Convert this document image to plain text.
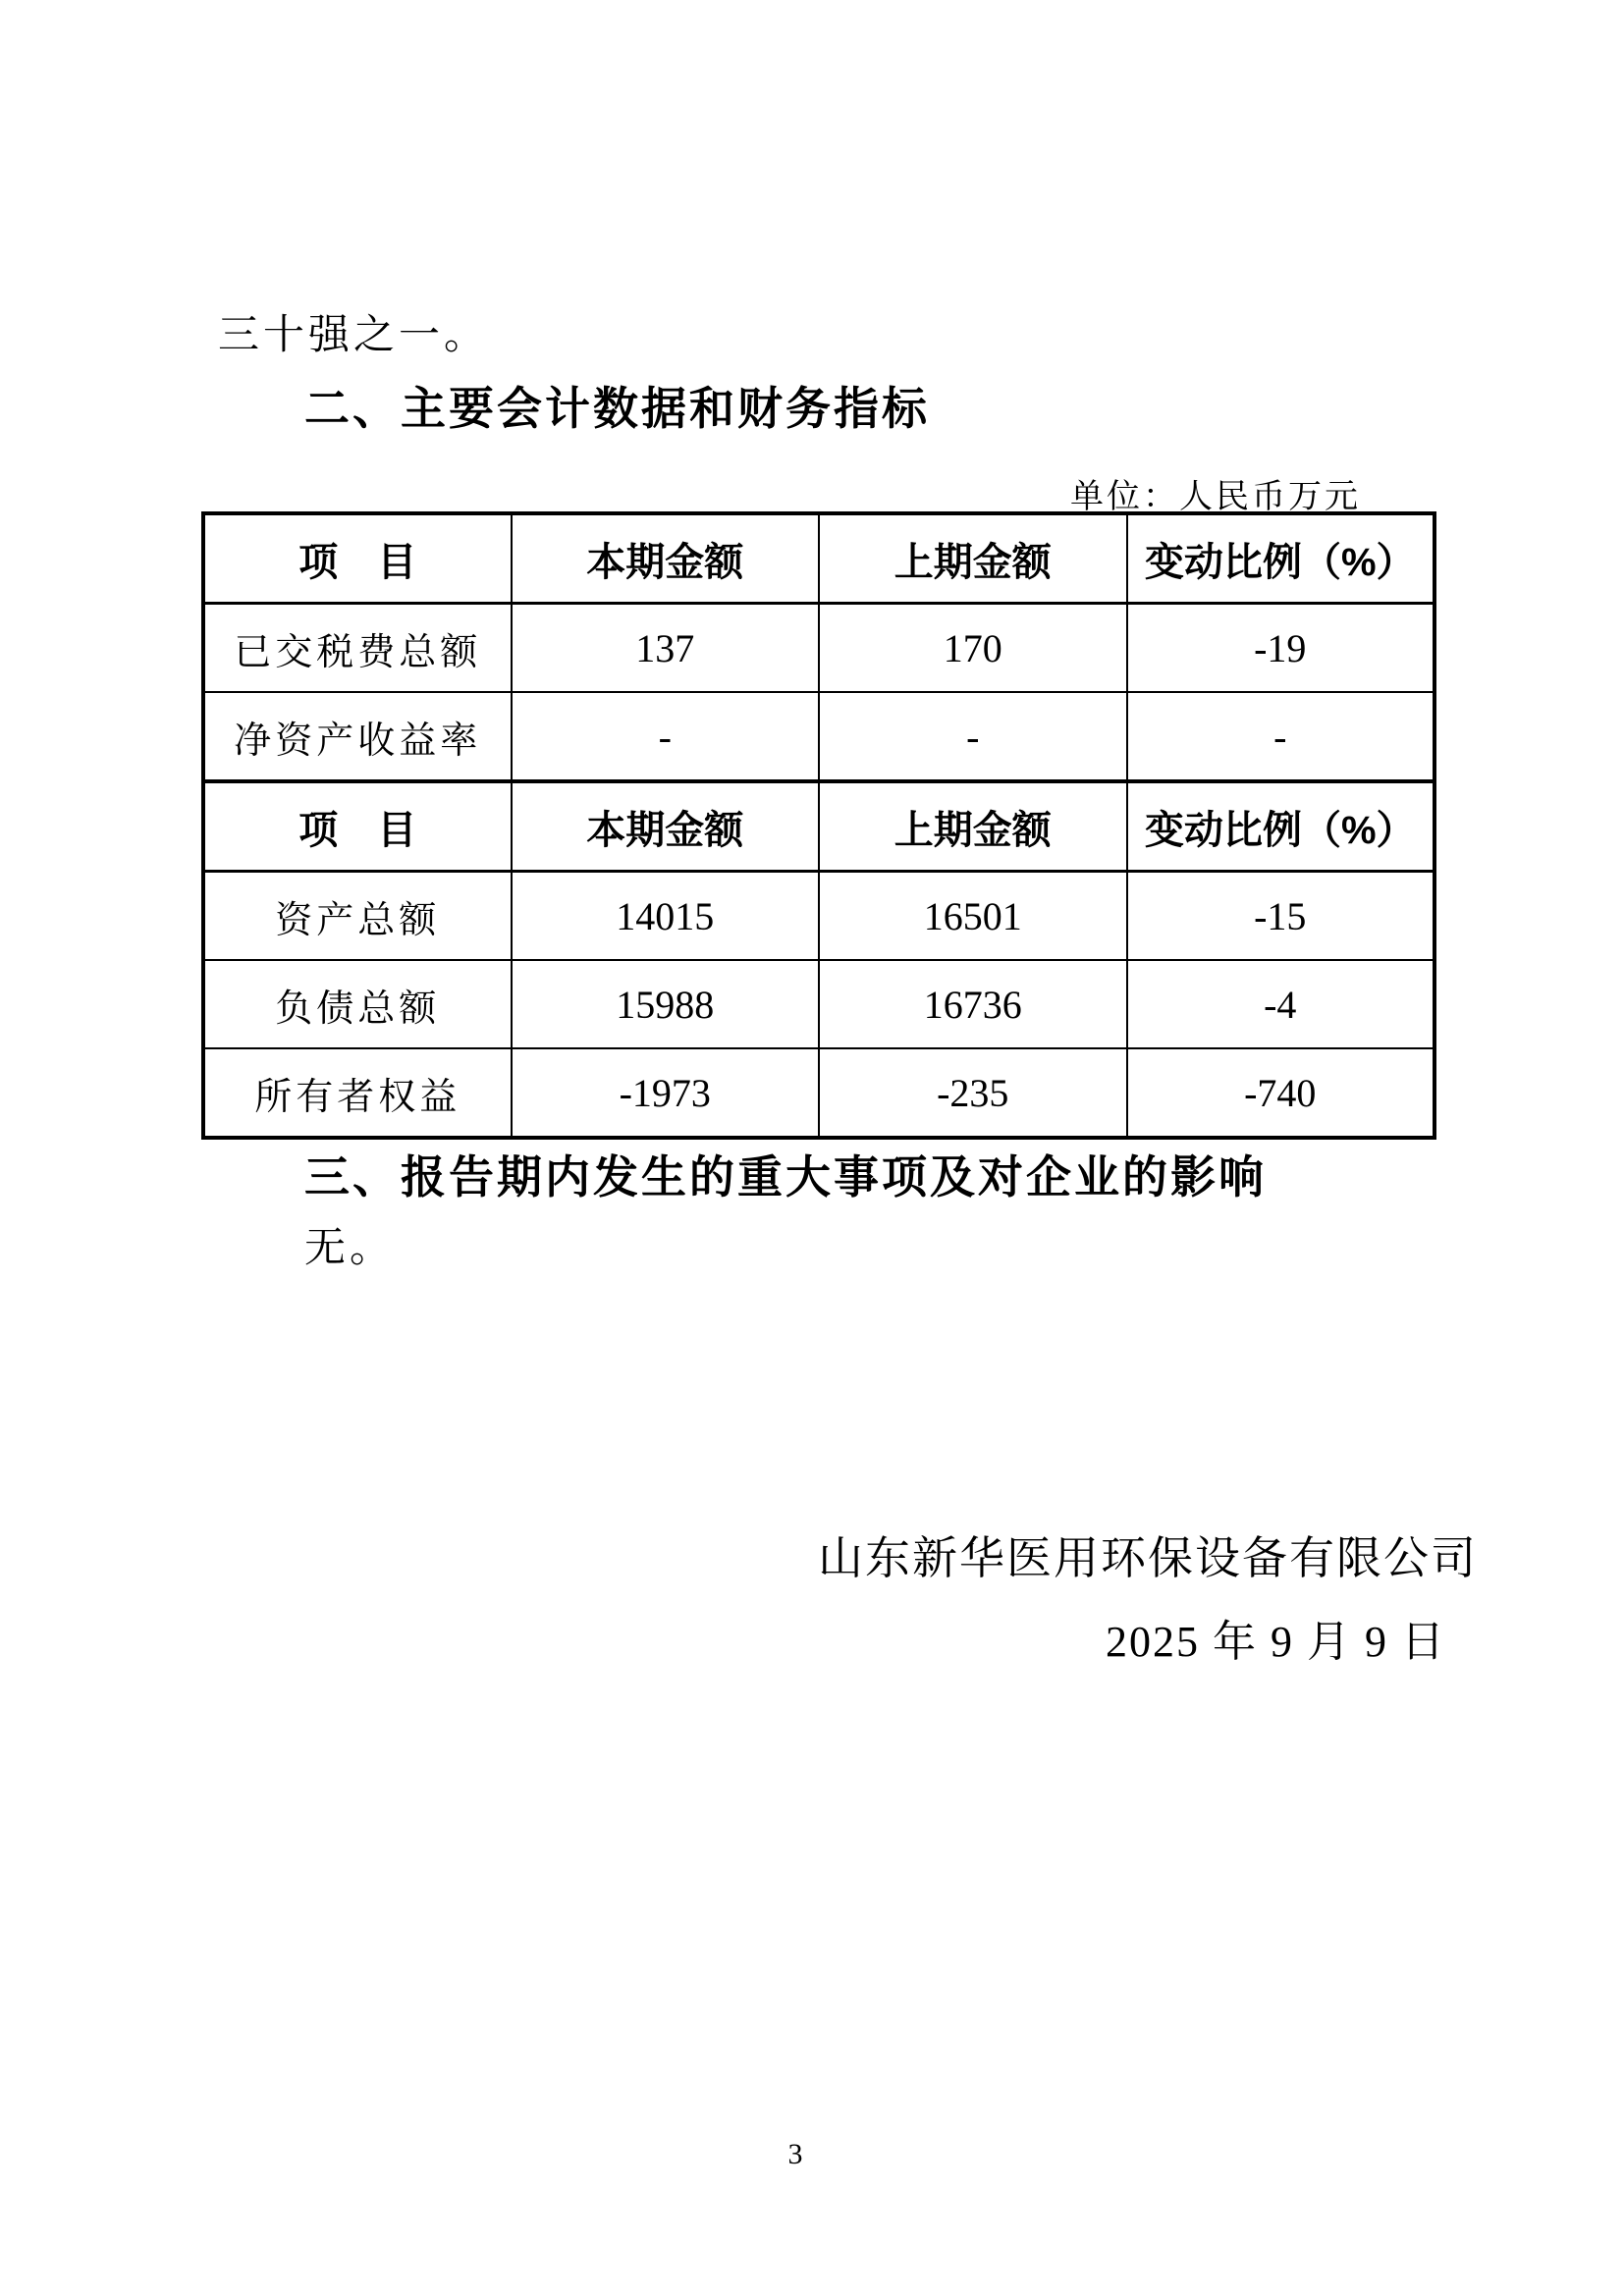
三十强之一。
二、主要会计数据和财务指标
单位：人民币万元
项　目	本期金额	上期金额	变动比例（%）
已交税费总额	137	170	-19
净资产收益率	-	-	-
项　目	本期金额	上期金额	变动比例（%）
资产总额	14015	16501	-15
负债总额	15988	16736	-4
所有者权益	-1973	-235	-740
三、报告期内发生的重大事项及对企业的影响
无。
山东新华医用环保设备有限公司
2025 年 9 月 9 日
3
